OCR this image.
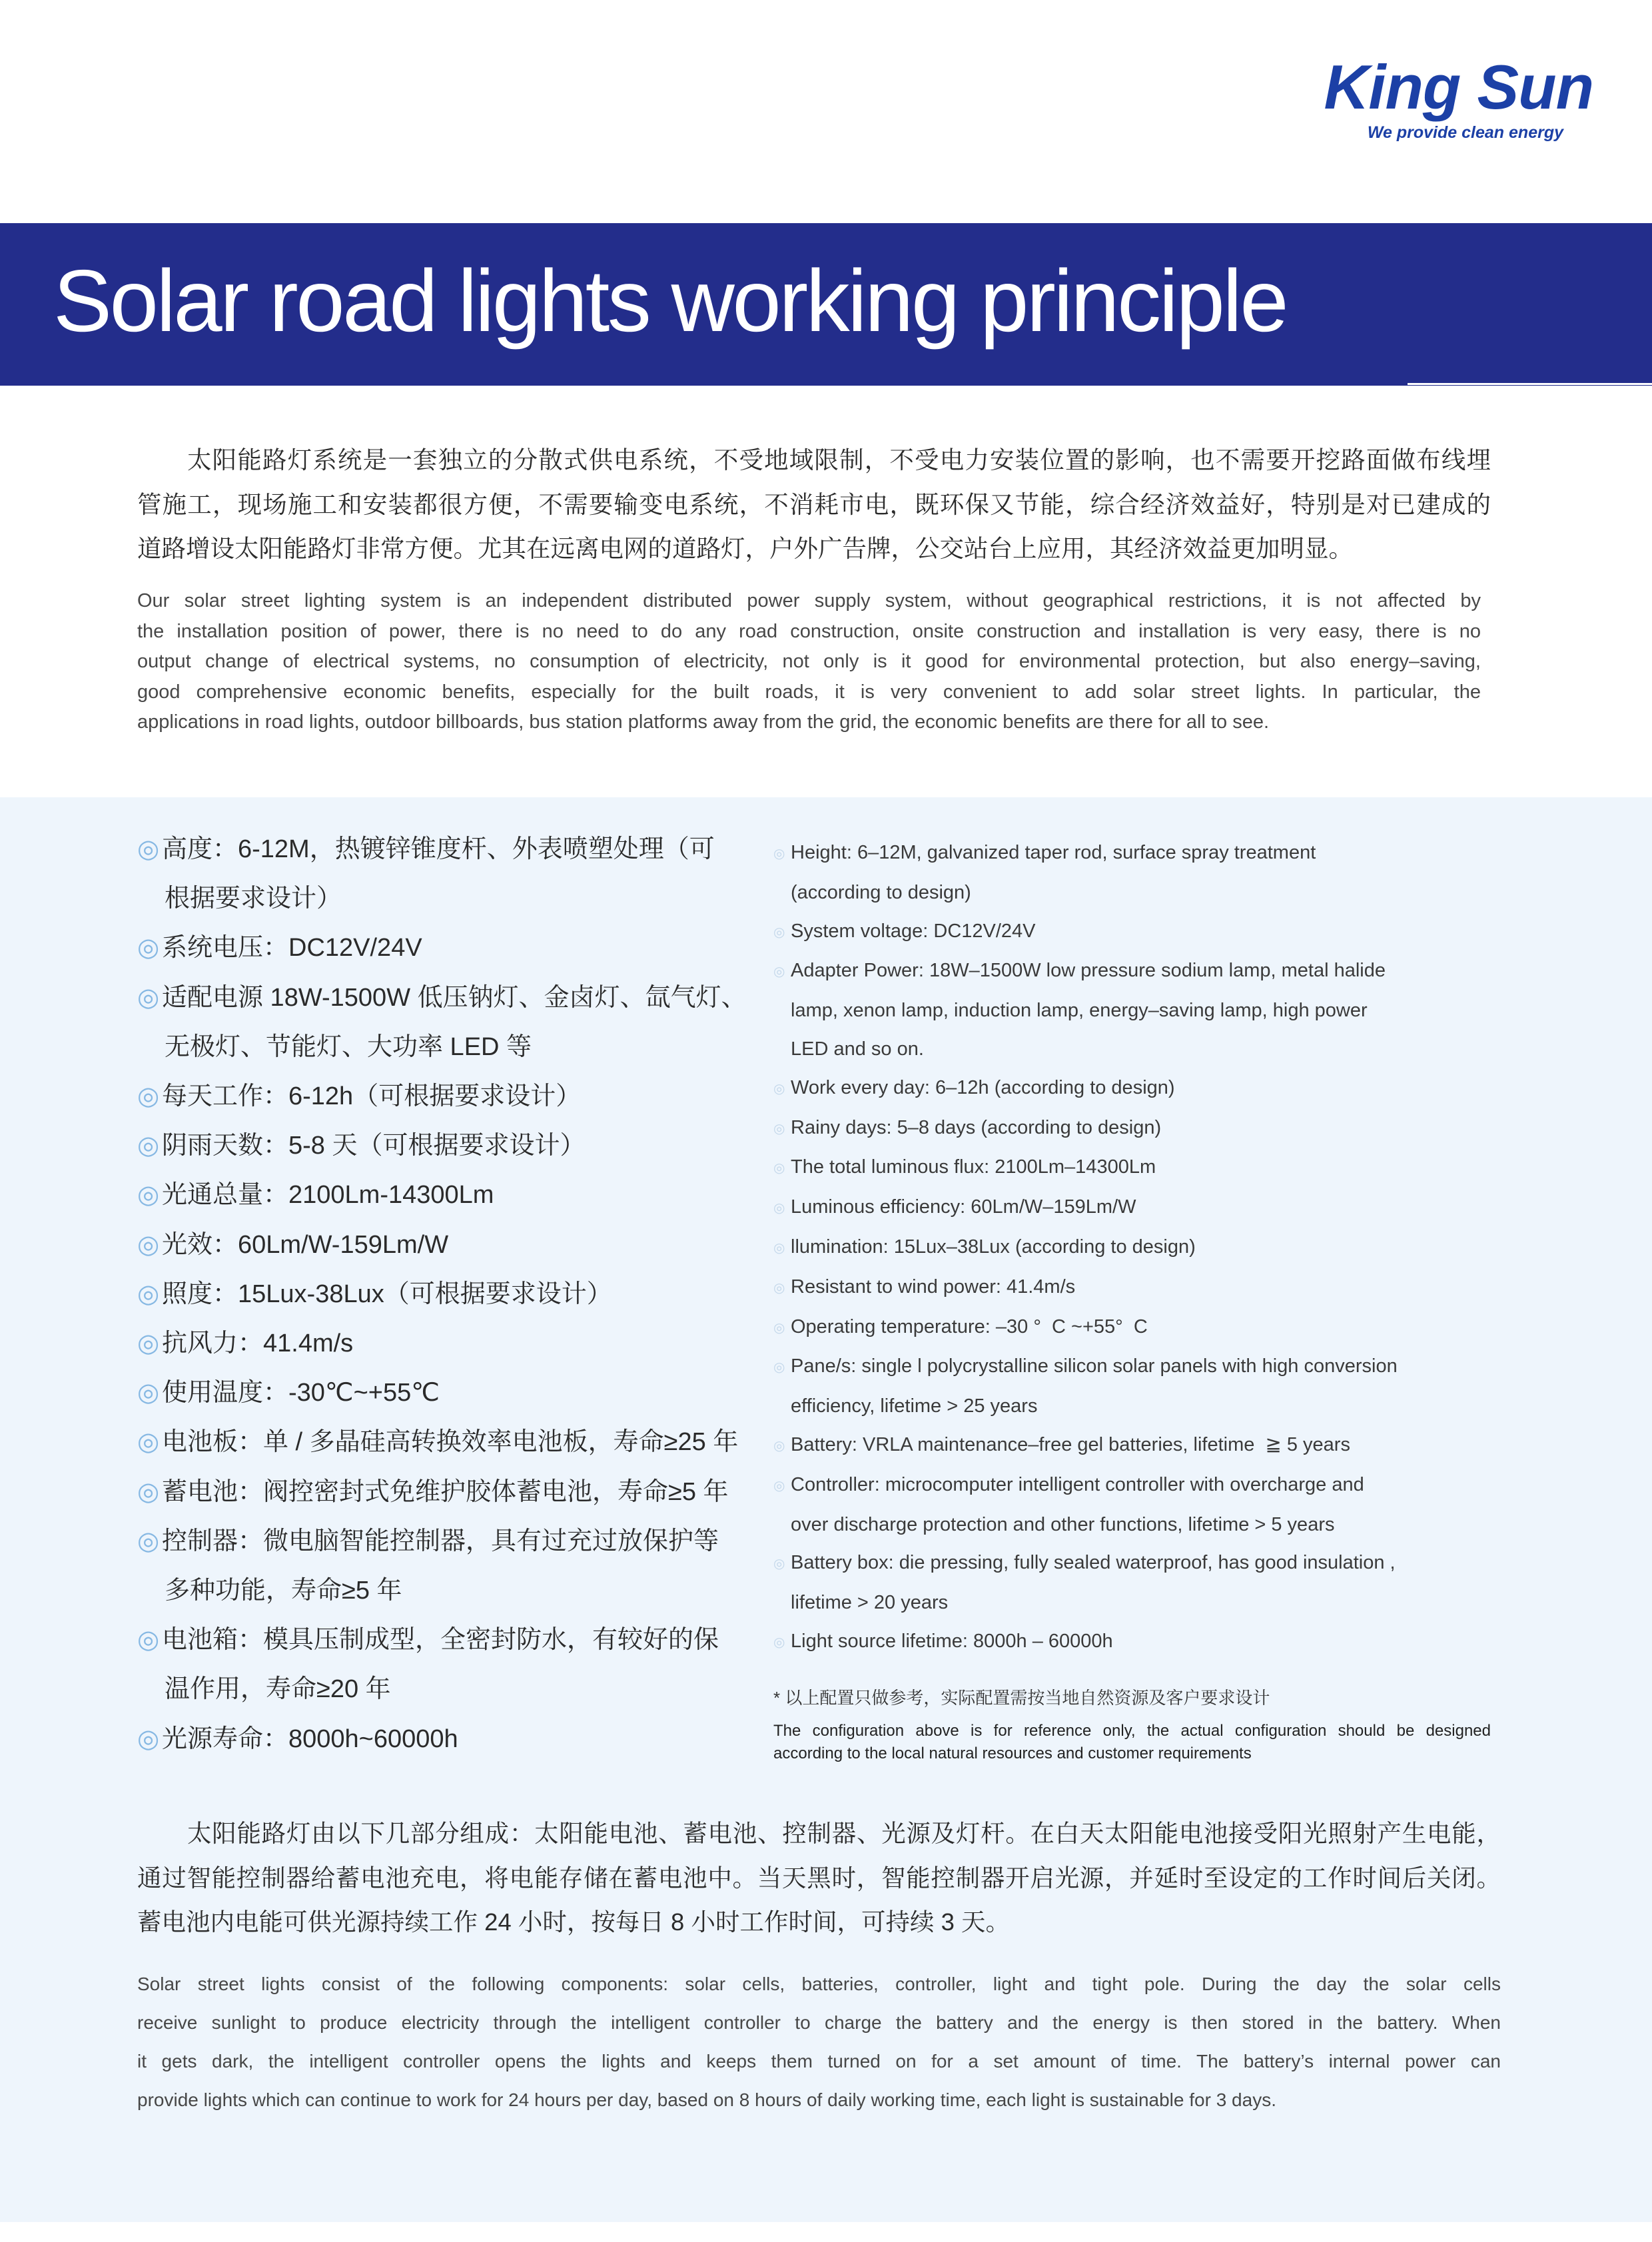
King Sun
We provide clean energy
Solar road lights working principle
太阳能路灯系统是一套独立的分散式供电系统，不受地域限制，不受电力安装位置的影响，也不需要开挖路面做布线埋
管施工，现场施工和安装都很方便，不需要输变电系统，不消耗市电，既环保又节能，综合经济效益好，特别是对已建成的
道路增设太阳能路灯非常方便。尤其在远离电网的道路灯，户外广告牌，公交站台上应用，其经济效益更加明显。
Our solar street lighting system is an independent distributed power supply system, without geographical restrictions, it is not affected by
the installation position of power, there is no need to do any road construction, onsite construction and installation is very easy, there is no
output change of electrical systems, no consumption of electricity, not only is it good for environmental protection, but also energy–saving,
good comprehensive economic benefits, especially for the built roads, it is very convenient to add solar street lights. In particular, the
applications in road lights, outdoor billboards, bus station platforms away from the grid, the economic benefits are there for all to see.
◎ 高度：6-12M，热镀锌锥度杆、外表喷塑处理（可
根据要求设计）
◎ 系统电压：DC12V/24V
◎ 适配电源 18W-1500W 低压钠灯、金卤灯、氙气灯、
无极灯、节能灯、大功率 LED 等
◎ 每天工作：6-12h（可根据要求设计）
◎ 阴雨天数：5-8 天（可根据要求设计）
◎ 光通总量：2100Lm-14300Lm
◎ 光效：60Lm/W-159Lm/W
◎ 照度：15Lux-38Lux（可根据要求设计）
◎ 抗风力：41.4m/s
◎ 使用温度：-30℃~+55℃
◎ 电池板：单 / 多晶硅高转换效率电池板，寿命≥25 年
◎ 蓄电池：阀控密封式免维护胶体蓄电池，寿命≥5 年
◎ 控制器：微电脑智能控制器，具有过充过放保护等
多种功能，寿命≥5 年
◎ 电池箱：模具压制成型，全密封防水，有较好的保
温作用，寿命≥20 年
◎ 光源寿命：8000h~60000h
◎ Height: 6–12M, galvanized taper rod, surface spray treatment
(according to design)
◎ System voltage: DC12V/24V
◎ Adapter Power: 18W–1500W low pressure sodium lamp, metal halide
lamp, xenon lamp, induction lamp, energy–saving lamp, high power
LED and so on.
◎ Work every day: 6–12h (according to design)
◎ Rainy days: 5–8 days (according to design)
◎ The total luminous flux: 2100Lm–14300Lm
◎ Luminous efficiency: 60Lm/W–159Lm/W
◎ llumination: 15Lux–38Lux (according to design)
◎ Resistant to wind power: 41.4m/s
◎ Operating temperature: –30 °  C ~+55°  C
◎ Pane/s: single l polycrystalline silicon solar panels with high conversion
efficiency, lifetime > 25 years
◎ Battery: VRLA maintenance–free gel batteries, lifetime  ≧ 5 years
◎ Controller: microcomputer intelligent controller with overcharge and
over discharge protection and other functions, lifetime > 5 years
◎ Battery box: die pressing, fully sealed waterproof, has good insulation ,
lifetime > 20 years
◎ Light source lifetime: 8000h – 60000h
* 以上配置只做参考，实际配置需按当地自然资源及客户要求设计
The configuration above is for reference only, the actual configuration should be designed
according to the local natural resources and customer requirements
太阳能路灯由以下几部分组成：太阳能电池、蓄电池、控制器、光源及灯杆。在白天太阳能电池接受阳光照射产生电能，
通过智能控制器给蓄电池充电，将电能存储在蓄电池中。当天黑时，智能控制器开启光源，并延时至设定的工作时间后关闭。
蓄电池内电能可供光源持续工作 24 小时，按每日 8 小时工作时间，可持续 3 天。
Solar street lights consist of the following components: solar cells, batteries, controller, light and tight pole. During the day the solar cells
receive sunlight to produce electricity through the intelligent controller to charge the battery and the energy is then stored in the battery. When
it gets dark, the intelligent controller opens the lights and keeps them turned on for a set amount of time. The battery’s internal power can
provide lights which can continue to work for 24 hours per day, based on 8 hours of daily working time, each light is sustainable for 3 days.
